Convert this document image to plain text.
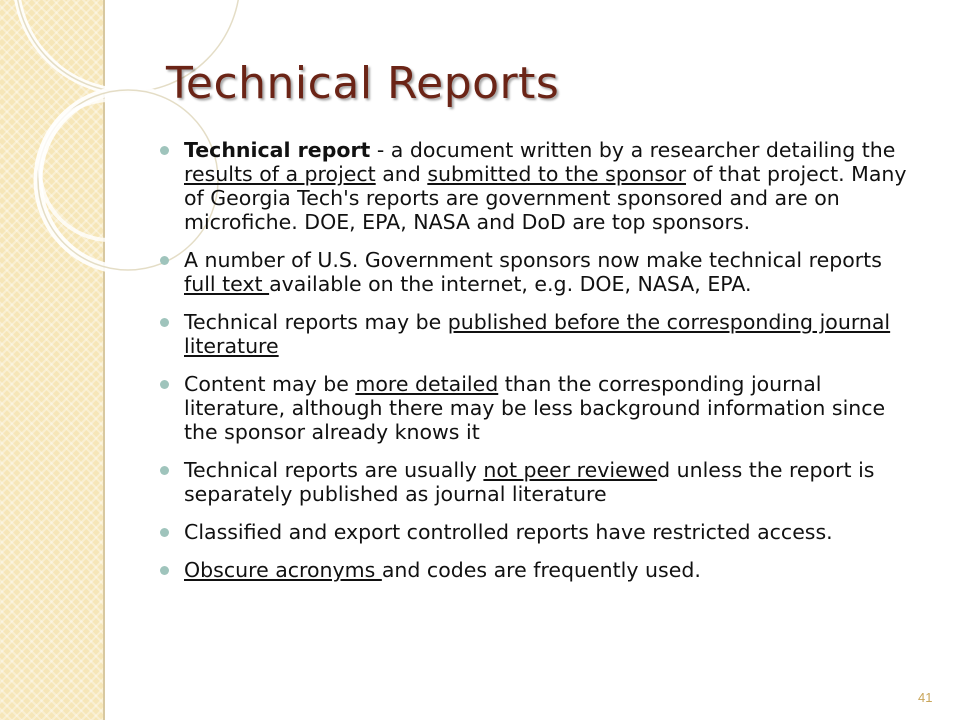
Technical Reports
Technical report - a document written by a researcher detailing the results of a project and submitted to the sponsor of that project. Many of Georgia Tech's reports are government sponsored and are on microfiche. DOE, EPA, NASA and DoD are top sponsors.
A number of U.S. Government sponsors now make technical reports full text available on the internet, e.g. DOE, NASA, EPA.
Technical reports may be published before the corresponding journal literature
Content may be more detailed than the corresponding journal literature, although there may be less background information since the sponsor already knows it
Technical reports are usually not peer reviewed unless the report is separately published as journal literature
Classified and export controlled reports have restricted access.
Obscure acronyms and codes are frequently used.
41
